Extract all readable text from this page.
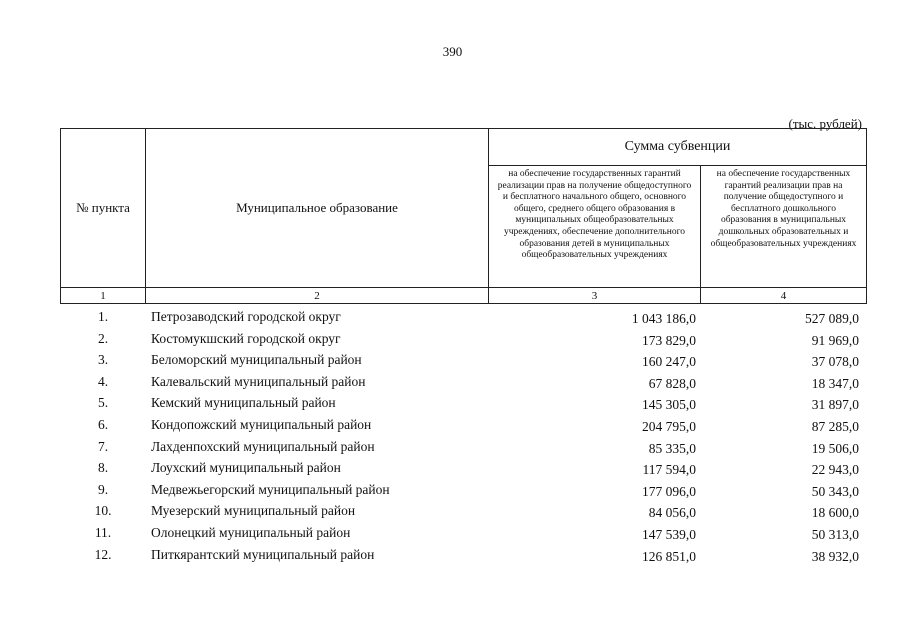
390
(тыс. рублей)
№ пункта	Муниципальное образование
Сумма субвенции
на обеспечение государственных гарантий реализации прав на получение общедоступного и бесплатного начального общего, основного общего, среднего общего образования в муниципальных общеобразовательных учреждениях, обеспечение дополнительного образования детей в муниципальных общеобразовательных учреждениях
на обеспечение государственных гарантий реализации прав на получение общедоступного и бесплатного дошкольного образования в муниципальных дошкольных образовательных и общеобразовательных учреждениях
1	2	3	4
1.	Петрозаводский городской округ	1 043 186,0	527 089,0
2.	Костомукшский городской округ	173 829,0	91 969,0
3.	Беломорский муниципальный район	160 247,0	37 078,0
4.	Калевальский муниципальный район	67 828,0	18 347,0
5.	Кемский муниципальный район	145 305,0	31 897,0
6.	Кондопожский муниципальный район	204 795,0	87 285,0
7.	Лахденпохский муниципальный район	85 335,0	19 506,0
8.	Лоухский муниципальный район	117 594,0	22 943,0
9.	Медвежьегорский муниципальный район	177 096,0	50 343,0
10.	Муезерский муниципальный район	84 056,0	18 600,0
11.	Олонецкий муниципальный район	147 539,0	50 313,0
12.	Питкярантский муниципальный район	126 851,0	38 932,0
